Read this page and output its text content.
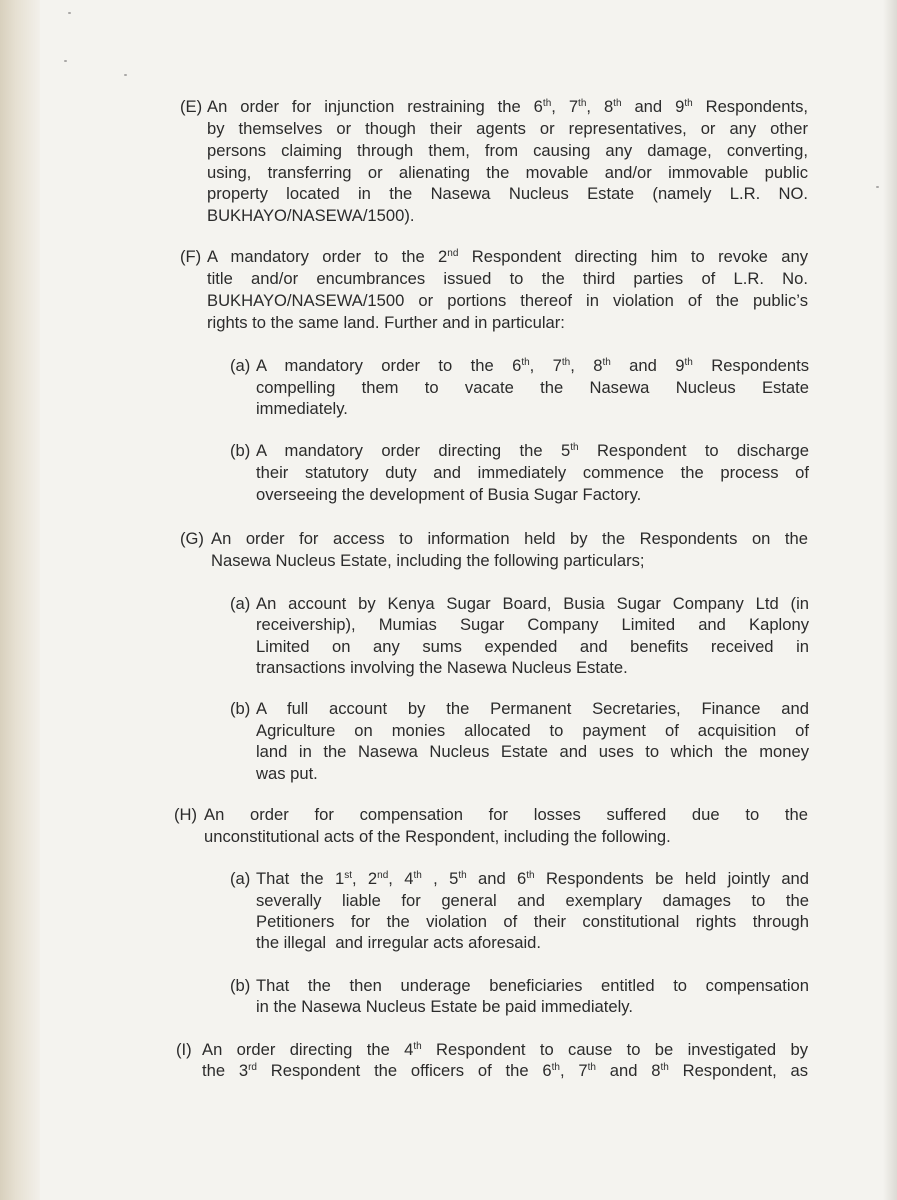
(E) An order for injunction restraining the 6th, 7th, 8th and 9th Respondents,
by themselves or though their agents or representatives, or any other
persons claiming through them, from causing any damage, converting,
using, transferring or alienating the movable and/or immovable public
property located in the Nasewa Nucleus Estate (namely L.R. NO.
BUKHAYO/NASEWA/1500).
(F) A mandatory order to the 2nd Respondent directing him to revoke any
title and/or encumbrances issued to the third parties of L.R. No.
BUKHAYO/NASEWA/1500 or portions thereof in violation of the public’s
rights to the same land. Further and in particular:
(a) A mandatory order to the 6th, 7th, 8th and 9th Respondents
compelling them to vacate the Nasewa Nucleus Estate
immediately.
(b) A mandatory order directing the 5th Respondent to discharge
their statutory duty and immediately commence the process of
overseeing the development of Busia Sugar Factory.
(G) An order for access to information held by the Respondents on the
Nasewa Nucleus Estate, including the following particulars;
(a) An account by Kenya Sugar Board, Busia Sugar Company Ltd (in
receivership), Mumias Sugar Company Limited and Kaplony
Limited on any sums expended and benefits received in
transactions involving the Nasewa Nucleus Estate.
(b) A full account by the Permanent Secretaries, Finance and
Agriculture on monies allocated to payment of acquisition of
land in the Nasewa Nucleus Estate and uses to which the money
was put.
(H) An order for compensation for losses suffered due to the
unconstitutional acts of the Respondent, including the following.
(a) That the 1st, 2nd, 4th , 5th and 6th Respondents be held jointly and
severally liable for general and exemplary damages to the
Petitioners for the violation of their constitutional rights through
the illegal  and irregular acts aforesaid.
(b) That the then underage beneficiaries entitled to compensation
in the Nasewa Nucleus Estate be paid immediately.
(I) An order directing the 4th Respondent to cause to be investigated by
the 3rd Respondent the officers of the 6th, 7th and 8th Respondent, as
